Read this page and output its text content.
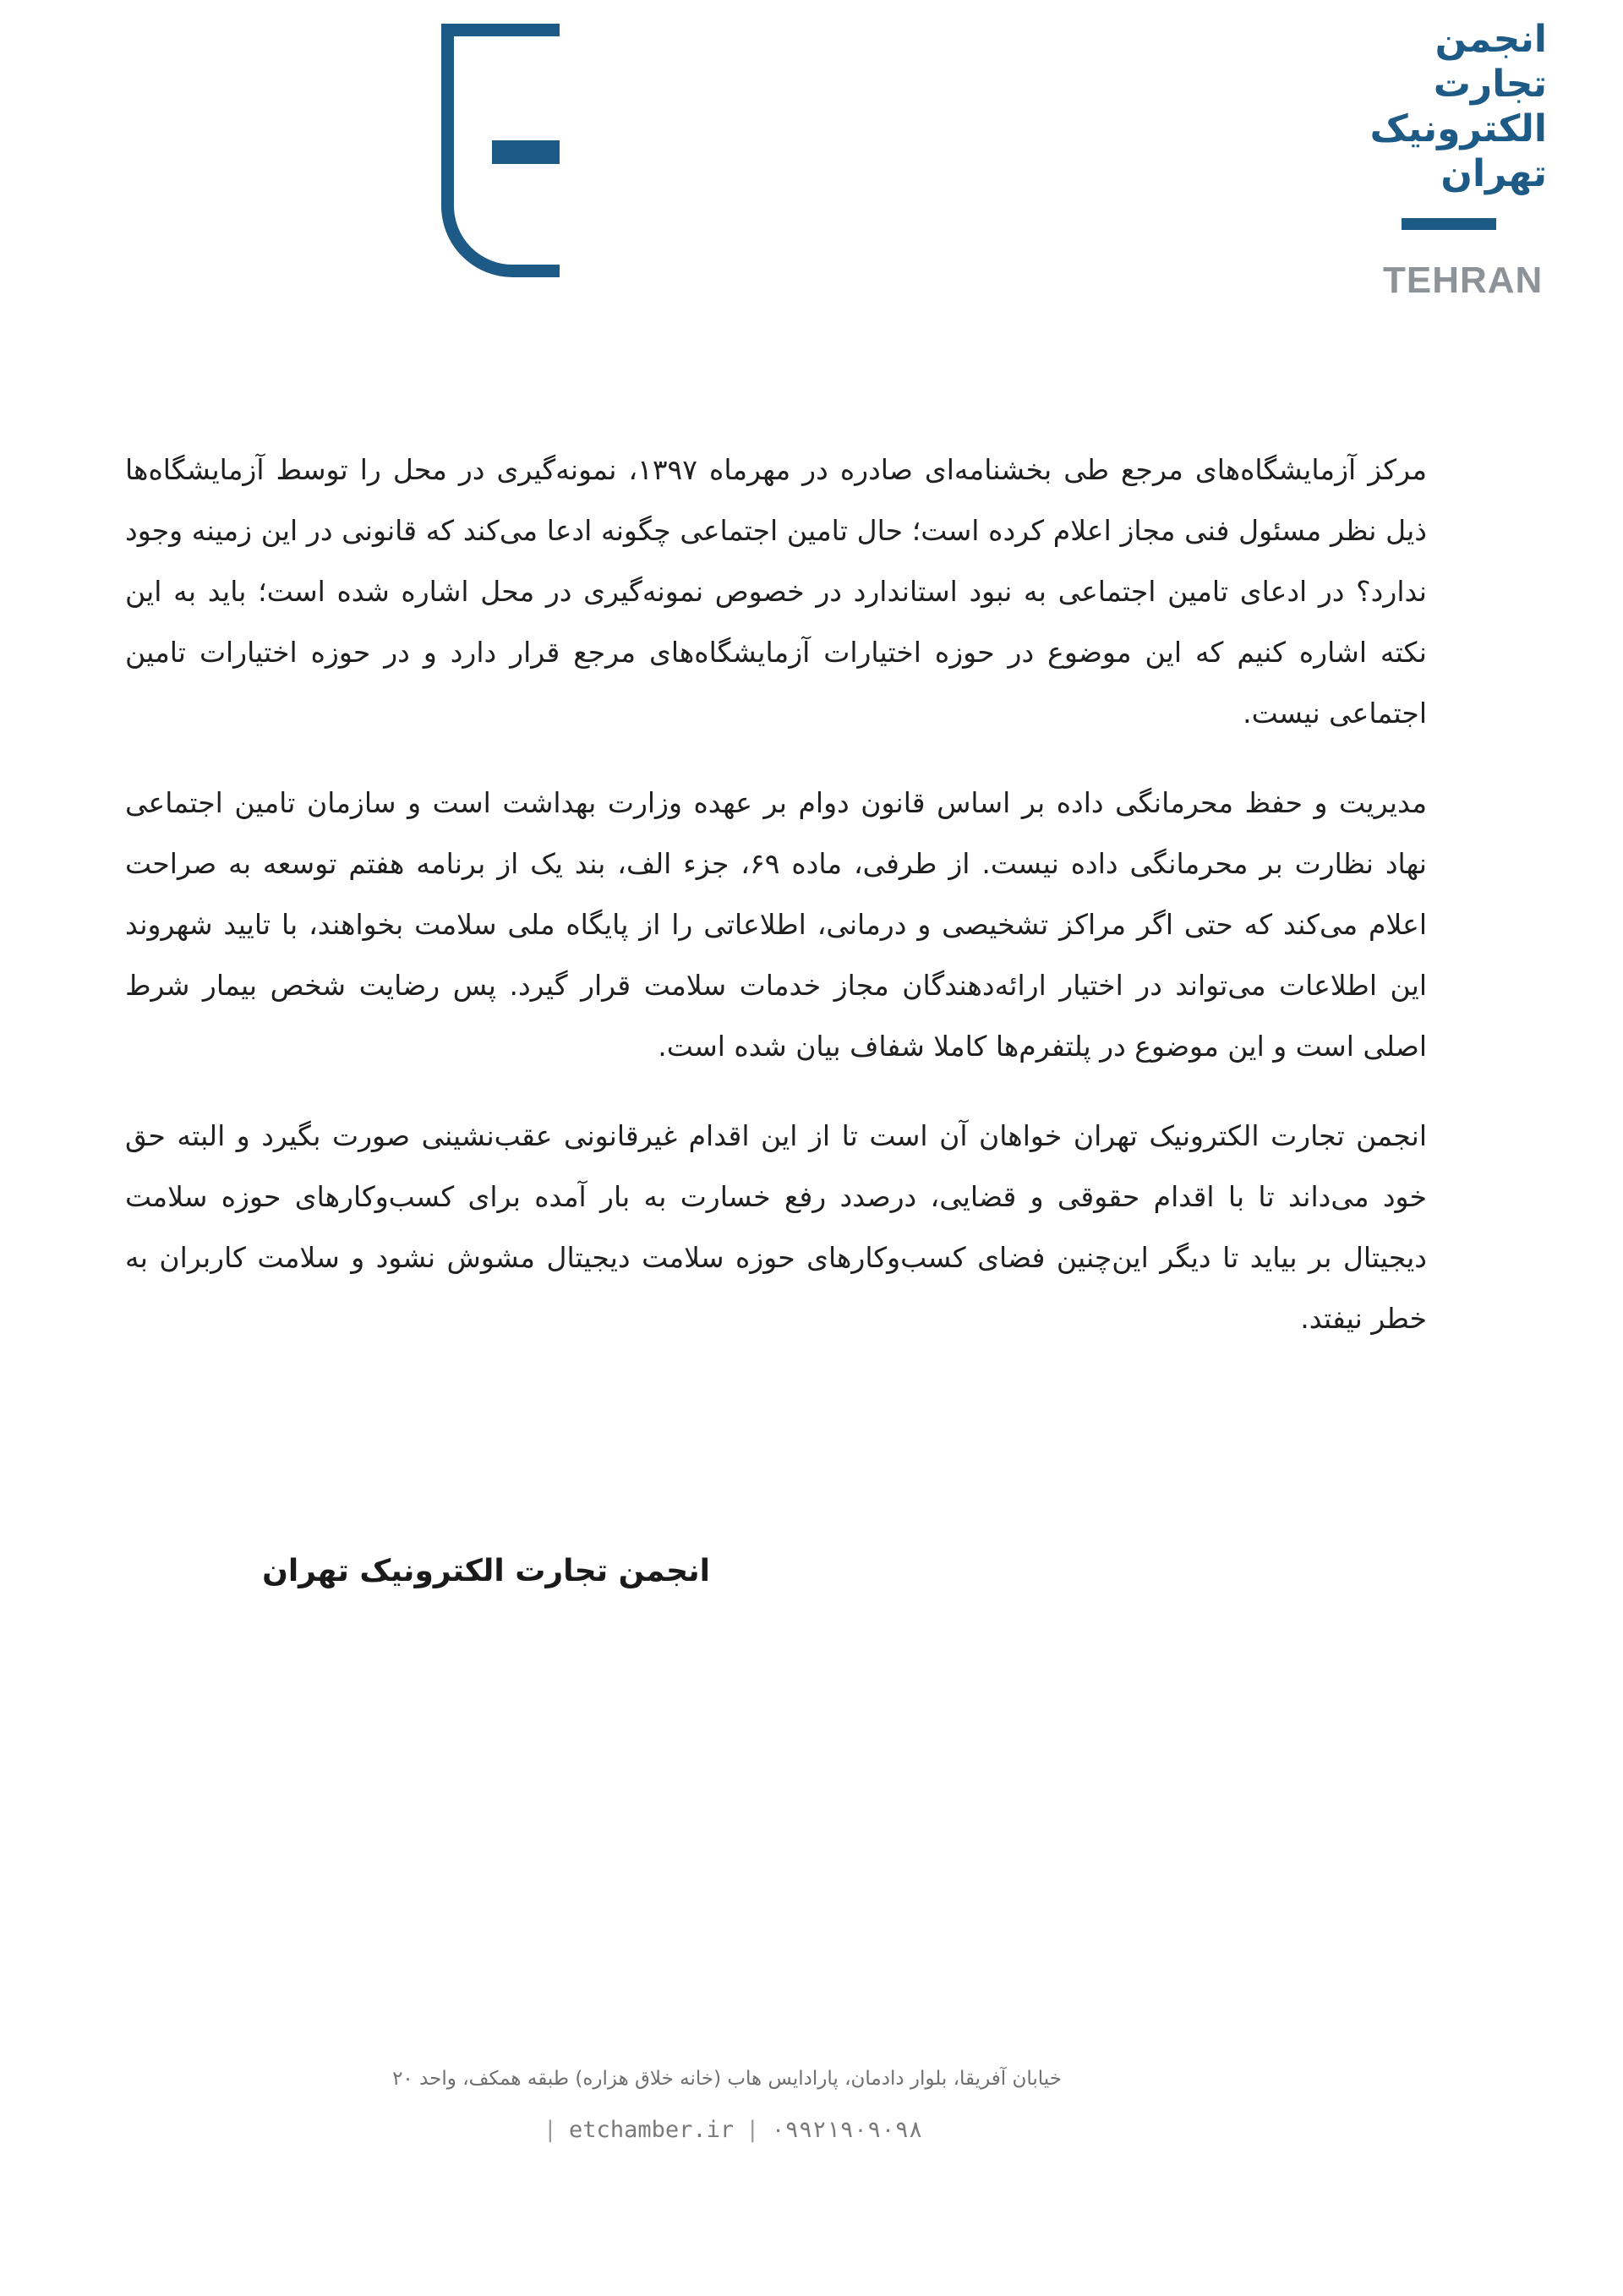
انجمن
تجارت
الکترونیک
تهران
TEHRAN

مرکز آزمایشگاه‌های مرجع طی بخشنامه‌ای صادره در مهرماه ۱۳۹۷، نمونه‌گیری در محل را توسط آزمایشگاه‌ها ذیل نظر مسئول فنی مجاز اعلام کرده است؛ حال تامین اجتماعی چگونه ادعا می‌کند که قانونی در این زمینه وجود ندارد؟ در ادعای تامین اجتماعی به نبود استاندارد در خصوص نمونه‌گیری در محل اشاره شده است؛ باید به این نکته اشاره کنیم که این موضوع در حوزه اختیارات آزمایشگاه‌های مرجع قرار دارد و در حوزه اختیارات تامین اجتماعی نیست.

مدیریت و حفظ محرمانگی داده بر اساس قانون دوام بر عهده وزارت بهداشت است و سازمان تامین اجتماعی نهاد نظارت بر محرمانگی داده نیست. از طرفی، ماده ۶۹، جزء الف، بند یک از برنامه هفتم توسعه به صراحت اعلام می‌کند که حتی اگر مراکز تشخیصی و درمانی، اطلاعاتی را از پایگاه ملی سلامت بخواهند، با تایید شهروند این اطلاعات می‌تواند در اختیار ارائه‌دهندگان مجاز خدمات سلامت قرار گیرد. پس رضایت شخص بیمار شرط اصلی است و این موضوع در پلتفرم‌ها کاملا شفاف بیان شده است.

انجمن تجارت الکترونیک تهران خواهان آن است تا از این اقدام غیرقانونی عقب‌نشینی صورت بگیرد و البته حق خود می‌داند تا با اقدام حقوقی و قضایی، درصدد رفع خسارت به بار آمده برای کسب‌وکارهای حوزه سلامت دیجیتال بر بیاید تا دیگر این‌چنین فضای کسب‌وکارهای حوزه سلامت دیجیتال مشوش نشود و سلامت کاربران به خطر نیفتد.

انجمن تجارت الکترونیک تهران
خیابان آفریقا، بلوار دادمان، پارادایس هاب (خانه خلاق هزاره) طبقه همکف، واحد ۲۰
| etchamber.ir | ۰۹۹۲۱۹۰۹۰۹۸
